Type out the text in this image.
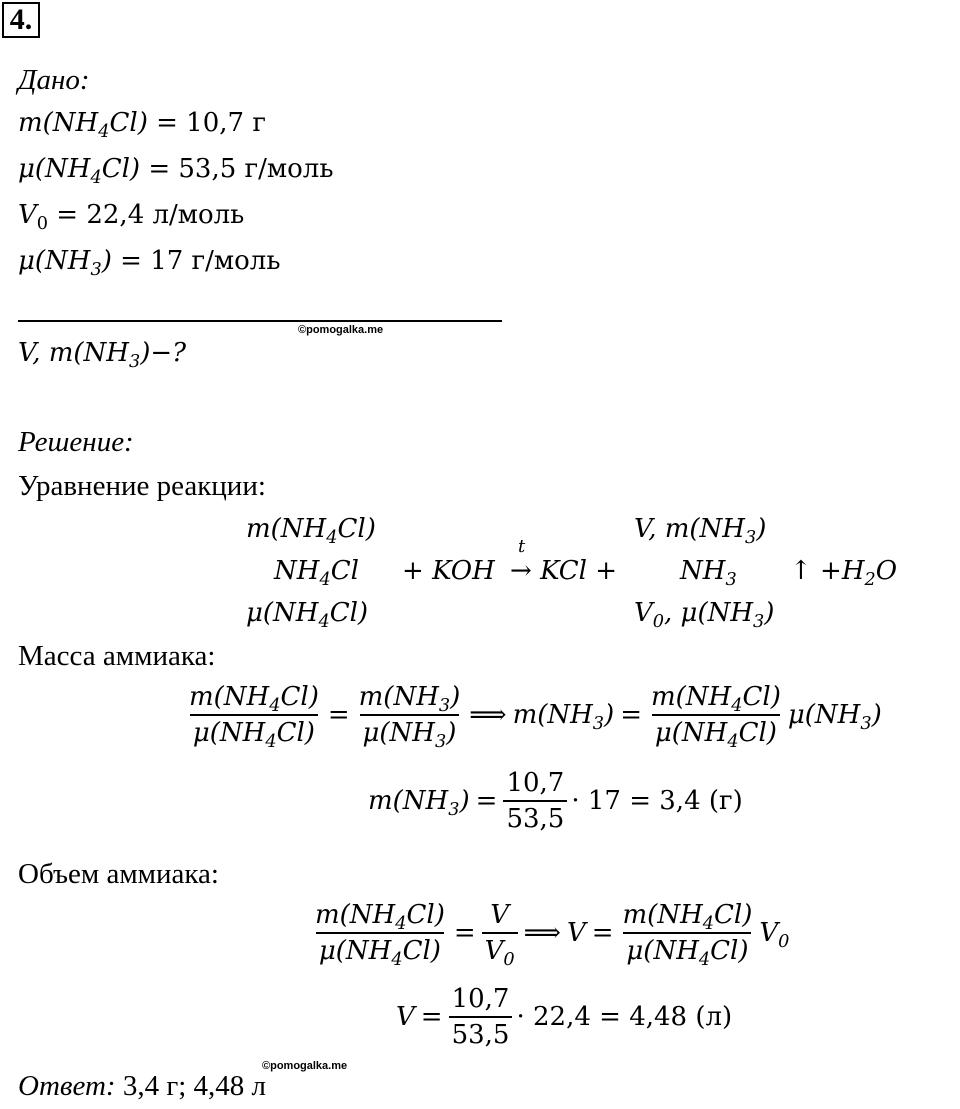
4.
Дано:
$m(NH_4Cl) = 10,7$ г
$\mu(NH_4Cl) = 53,5$ г/моль
$V_0 = 22,4$ л/моль
$\mu(NH_3) = 17$ г/моль
©pomogalka.me
V, $m(NH_3)-$?
Решение:
Уравнение реакции:
$m(NH_4Cl)$
$NH_4Cl$
$\mu(NH_4Cl)$
+ KOH
t
→ KCl +
V, $m(NH_3)$
$NH_3$
$V_0$, $\mu(NH_3)$
↑ $+H_2O$
Масса аммиака:
$\frac{m(NH_4Cl)}{\mu(NH_4Cl)} = \frac{m(NH_3)}{\mu(NH_3)}$ ⟹ $m(NH_3) = \frac{m(NH_4Cl)}{\mu(NH_4Cl)} \mu(NH_3)$
$m(NH_3) = \frac{10,7}{53,5} \cdot 17 = 3,4$ (г)
Объем аммиака:
$\frac{m(NH_4Cl)}{\mu(NH_4Cl)} = \frac{V}{V_0}$ ⟹ $V = \frac{m(NH_4Cl)}{\mu(NH_4Cl)} V_0$
$V = \frac{10,7}{53,5} \cdot 22,4 = 4,48$ (л)
©pomogalka.me
Ответ: 3,4 г; 4,48 л
